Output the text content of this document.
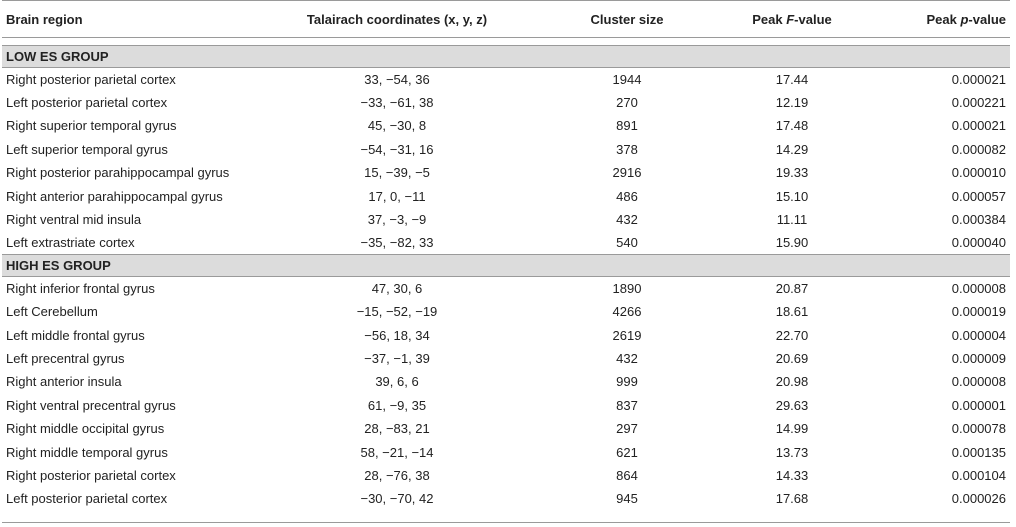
Brain region	Talairach coordinates (x, y, z)	Cluster size	Peak F-value	Peak p-value

LOW ES GROUP				
Right posterior parietal cortex	33, −54, 36	1944	17.44	0.000021
Left posterior parietal cortex	−33, −61, 38	270	12.19	0.000221
Right superior temporal gyrus	45, −30, 8	891	17.48	0.000021
Left superior temporal gyrus	−54, −31, 16	378	14.29	0.000082
Right posterior parahippocampal gyrus	15, −39, −5	2916	19.33	0.000010
Right anterior parahippocampal gyrus	17, 0, −11	486	15.10	0.000057
Right ventral mid insula	37, −3, −9	432	11.11	0.000384
Left extrastriate cortex	−35, −82, 33	540	15.90	0.000040
HIGH ES GROUP				
Right inferior frontal gyrus	47, 30, 6	1890	20.87	0.000008
Left Cerebellum	−15, −52, −19	4266	18.61	0.000019
Left middle frontal gyrus	−56, 18, 34	2619	22.70	0.000004
Left precentral gyrus	−37, −1, 39	432	20.69	0.000009
Right anterior insula	39, 6, 6	999	20.98	0.000008
Right ventral precentral gyrus	61, −9, 35	837	29.63	0.000001
Right middle occipital gyrus	28, −83, 21	297	14.99	0.000078
Right middle temporal gyrus	58, −21, −14	621	13.73	0.000135
Right posterior parietal cortex	28, −76, 38	864	14.33	0.000104
Left posterior parietal cortex	−30, −70, 42	945	17.68	0.000026
